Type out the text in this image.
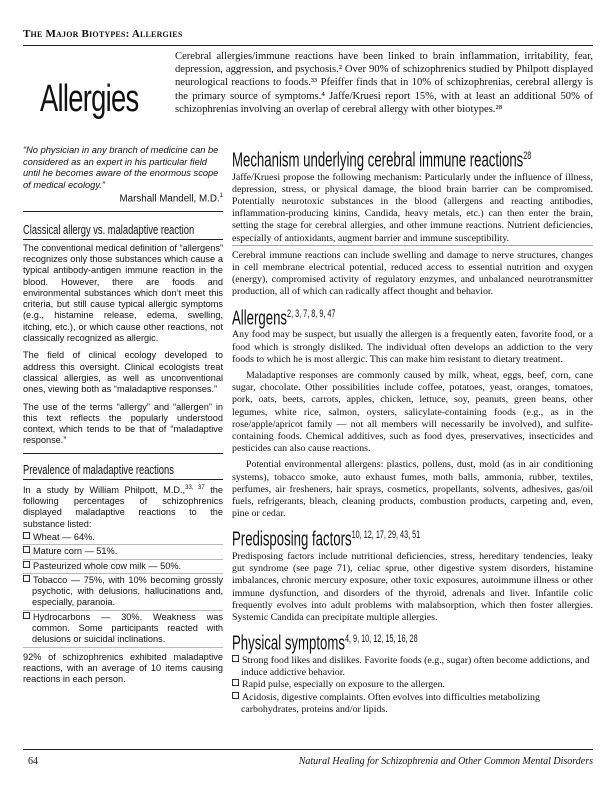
The Major Biotypes: Allergies
Allergies
Cerebral allergies/immune reactions have been linked to brain inflammation, irritability, fear, depression, aggression, and psychosis.² Over 90% of schizophrenics studied by Philpott displayed neurological reactions to foods.³³ Pfeiffer finds that in 10% of schizophrenias, cerebral allergy is the primary source of symptoms.⁴ Jaffe/Kruesi report 15%, with at least an additional 50% of schizophrenias involving an overlap of cerebral allergy with other biotypes.²⁸
“No physician in any branch of medicine can be considered as an expert in his particular field until he becomes aware of the enormous scope of medical ecology.”
Marshall Mandell, M.D.$^1$
Classical allergy vs. maladaptive reaction

The conventional medical definition of “allergens” recognizes only those substances which cause a typical antibody-antigen immune reaction in the blood. However, there are foods and environmental substances which don’t meet this criteria, but still cause typical allergic symptoms (e.g., histamine release, edema, swelling, itching, etc.), or which cause other reactions, not classically recognized as allergic.

The field of clinical ecology developed to address this oversight. Clinical ecologists treat classical allergies, as well as unconventional ones, viewing both as “maladaptive responses.”

The use of the terms “allergy” and “allergen” in this text reflects the popularly understood context, which tends to be that of “maladaptive response.”

Prevalence of maladaptive reactions
In a study by William Philpott, M.D.,$^{33, 37}$ the following percentages of schizophrenics displayed maladaptive reactions to the substance listed:
Wheat — 64%.
Mature corn — 51%.
Pasteurized whole cow milk — 50%.
Tobacco — 75%, with 10% becoming grossly psychotic, with delusions, hallucinations and, especially, paranoia.
Hydrocarbons — 30%. Weakness was common. Some participants reacted with delusions or suicidal inclinations.
92% of schizophrenics exhibited maladaptive reactions, with an average of 10 items causing reactions in each person.
Mechanism underlying cerebral immune reactions$^{28}$

Jaffe/Kruesi propose the following mechanism: Particularly under the influence of illness, depression, stress, or physical damage, the blood brain barrier can be compromised. Potentially neurotoxic substances in the blood (allergens and reacting antibodies, inflammation-producing kinins, Candida, heavy metals, etc.) can then enter the brain, setting the stage for cerebral allergies, and other immune reactions. Nutrient deficiencies, especially of antioxidants, augment barrier and immune susceptibility.

Cerebral immune reactions can include swelling and damage to nerve structures, changes in cell membrane electrical potential, reduced access to essential nutrition and oxygen (energy), compromised activity of regulatory enzymes, and unbalanced neurotransmitter production, all of which can radically affect thought and behavior.

Allergens$^{2, 3, 7, 8, 9, 47}$

Any food may be suspect, but usually the allergen is a frequently eaten, favorite food, or a food which is strongly disliked. The individual often develops an addiction to the very foods to which he is most allergic. This can make him resistant to dietary treatment.

Maladaptive responses are commonly caused by milk, wheat, eggs, beef, corn, cane sugar, chocolate. Other possibilities include coffee, potatoes, yeast, oranges, tomatoes, pork, oats, beets, carrots, apples, chicken, lettuce, soy, peanuts, green beans, other legumes, white rice, salmon, oysters, salicylate-containing foods (e.g., as in the rose/apple/apricot family — not all members will necessarily be involved), and sulfite-containing foods. Chemical additives, such as food dyes, preservatives, insecticides and pesticides can also cause reactions.

Potential environmental allergens: plastics, pollens, dust, mold (as in air conditioning systems), tobacco smoke, auto exhaust fumes, moth balls, ammonia, rubber, textiles, perfumes, air fresheners, hair sprays, cosmetics, propellants, solvents, adhesives, gas/oil fuels, refrigerants, bleach, cleaning products, combustion products, carpeting and, even, pine or cedar.

Predisposing factors$^{10, 12, 17, 29, 43, 51}$

Predisposing factors include nutritional deficiencies, stress, hereditary tendencies, leaky gut syndrome (see page 71), celiac sprue, other digestive system disorders, histamine imbalances, chronic mercury exposure, other toxic exposures, autoimmune illness or other immune dysfunction, and disorders of the thyroid, adrenals and liver. Infantile colic frequently evolves into adult problems with malabsorption, which then foster allergies. Systemic Candida can precipitate multiple allergies.

Physical symptoms$^{4, 9, 10, 12, 15, 16, 28}$
Strong food likes and dislikes. Favorite foods (e.g., sugar) often become addictions, and induce addictive behavior.
Rapid pulse, especially on exposure to the allergen.
Acidosis, digestive complaints. Often evolves into difficulties metabolizing carbohydrates, proteins and/or lipids.
64	Natural Healing for Schizophrenia and Other Common Mental Disorders
